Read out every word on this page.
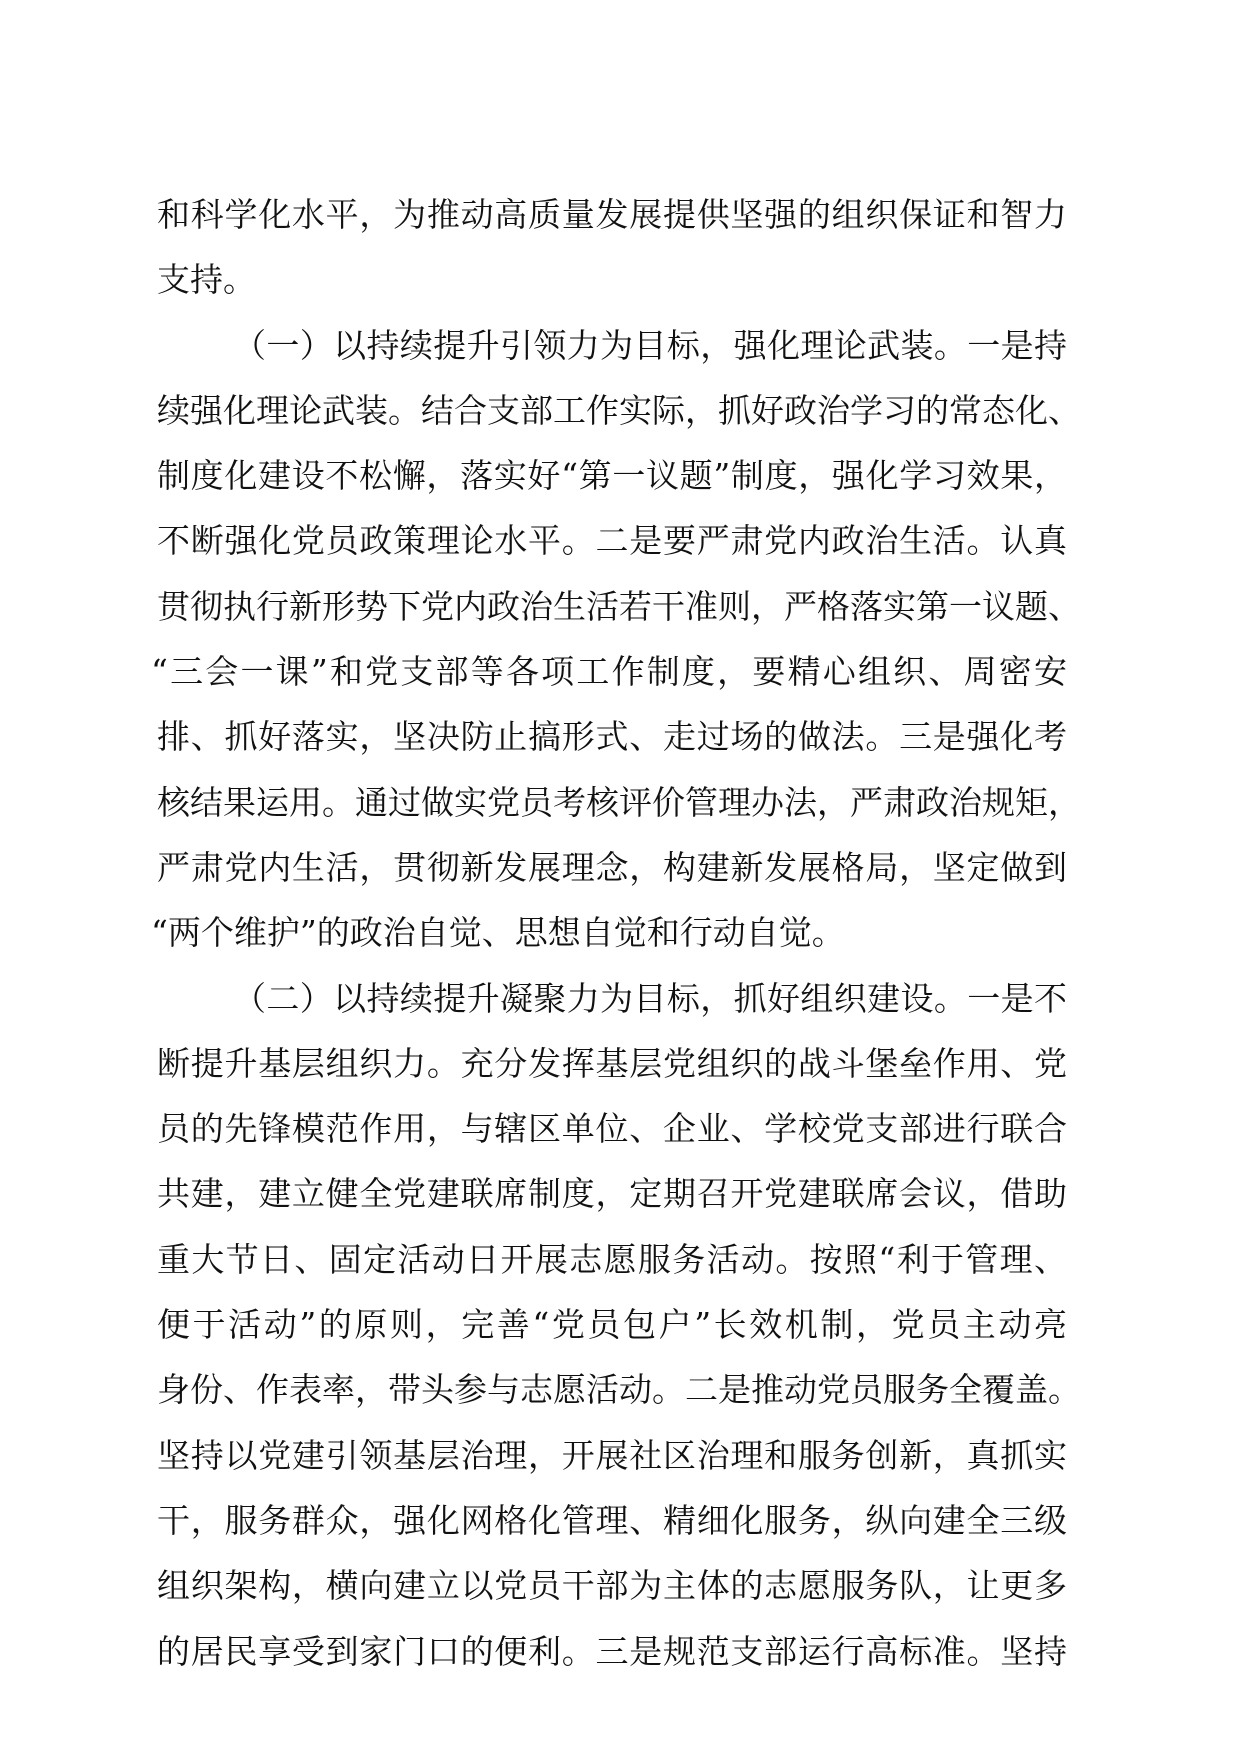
和科学化水平，为推动高质量发展提供坚强的组织保证和智力
支持。
（一）以持续提升引领力为目标，强化理论武装。一是持
续强化理论武装。结合支部工作实际，抓好政治学习的常态化、
制度化建设不松懈，落实好“第一议题”制度，强化学习效果，
不断强化党员政策理论水平。二是要严肃党内政治生活。认真
贯彻执行新形势下党内政治生活若干准则，严格落实第一议题、
“三会一课”和党支部等各项工作制度，要精心组织、周密安
排、抓好落实，坚决防止搞形式、走过场的做法。三是强化考
核结果运用。通过做实党员考核评价管理办法，严肃政治规矩，
严肃党内生活，贯彻新发展理念，构建新发展格局，坚定做到
“两个维护”的政治自觉、思想自觉和行动自觉。
（二）以持续提升凝聚力为目标，抓好组织建设。一是不
断提升基层组织力。充分发挥基层党组织的战斗堡垒作用、党
员的先锋模范作用，与辖区单位、企业、学校党支部进行联合
共建，建立健全党建联席制度，定期召开党建联席会议，借助
重大节日、固定活动日开展志愿服务活动。按照“利于管理、
便于活动”的原则，完善“党员包户”长效机制，党员主动亮
身份、作表率，带头参与志愿活动。二是推动党员服务全覆盖。
坚持以党建引领基层治理，开展社区治理和服务创新，真抓实
干，服务群众，强化网格化管理、精细化服务，纵向建全三级
组织架构，横向建立以党员干部为主体的志愿服务队，让更多
的居民享受到家门口的便利。三是规范支部运行高标准。坚持
